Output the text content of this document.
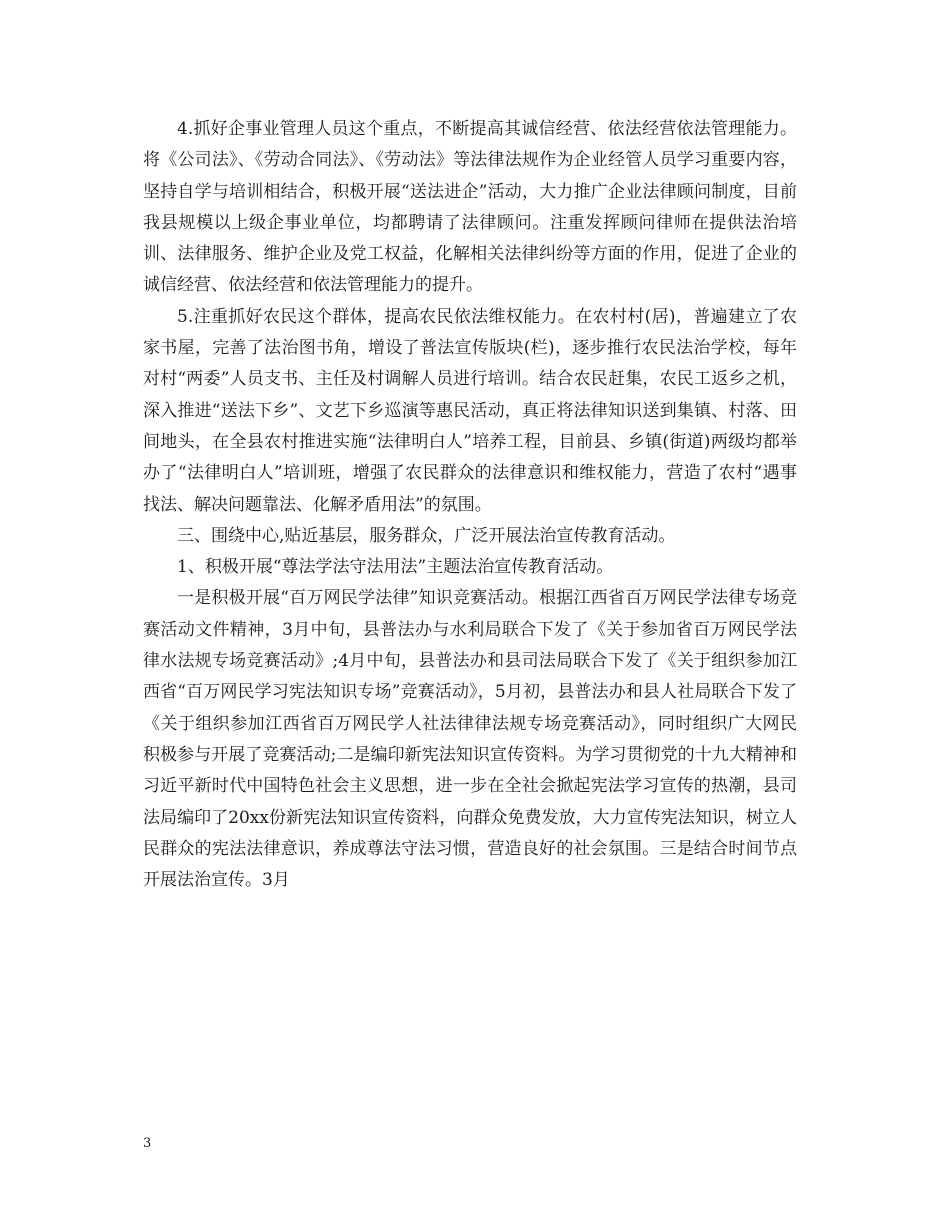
4.抓好企事业管理人员这个重点，不断提高其诚信经营、依法经营依法管理能力。将《公司法》、《劳动合同法》、《劳动法》等法律法规作为企业经管人员学习重要内容，坚持自学与培训相结合，积极开展“送法进企”活动，大力推广企业法律顾问制度，目前我县规模以上级企事业单位，均都聘请了法律顾问。注重发挥顾问律师在提供法治培训、法律服务、维护企业及党工权益，化解相关法律纠纷等方面的作用，促进了企业的诚信经营、依法经营和依法管理能力的提升。

5.注重抓好农民这个群体，提高农民依法维权能力。在农村村(居)，普遍建立了农家书屋，完善了法治图书角，增设了普法宣传版块(栏)，逐步推行农民法治学校，每年对村“两委”人员支书、主任及村调解人员进行培训。结合农民赶集，农民工返乡之机，深入推进“送法下乡”、文艺下乡巡演等惠民活动，真正将法律知识送到集镇、村落、田间地头，在全县农村推进实施“法律明白人”培养工程，目前县、乡镇(街道)两级均都举办了“法律明白人”培训班，增强了农民群众的法律意识和维权能力，营造了农村“遇事找法、解决问题靠法、化解矛盾用法”的氛围。

三、围绕中心,贴近基层，服务群众，广泛开展法治宣传教育活动。

1、积极开展“尊法学法守法用法”主题法治宣传教育活动。

一是积极开展“百万网民学法律”知识竞赛活动。根据江西省百万网民学法律专场竞赛活动文件精神，3月中旬，县普法办与水利局联合下发了《关于参加省百万网民学法律水法规专场竞赛活动》;4月中旬，县普法办和县司法局联合下发了《关于组织参加江西省“百万网民学习宪法知识专场”竞赛活动》，5月初，县普法办和县人社局联合下发了《关于组织参加江西省百万网民学人社法律律法规专场竞赛活动》，同时组织广大网民积极参与开展了竞赛活动;二是编印新宪法知识宣传资料。为学习贯彻党的十九大精神和习近平新时代中国特色社会主义思想，进一步在全社会掀起宪法学习宣传的热潮，县司法局编印了20xx份新宪法知识宣传资料，向群众免费发放，大力宣传宪法知识，树立人民群众的宪法法律意识，养成尊法守法习惯，营造良好的社会氛围。三是结合时间节点开展法治宣传。3月

3
